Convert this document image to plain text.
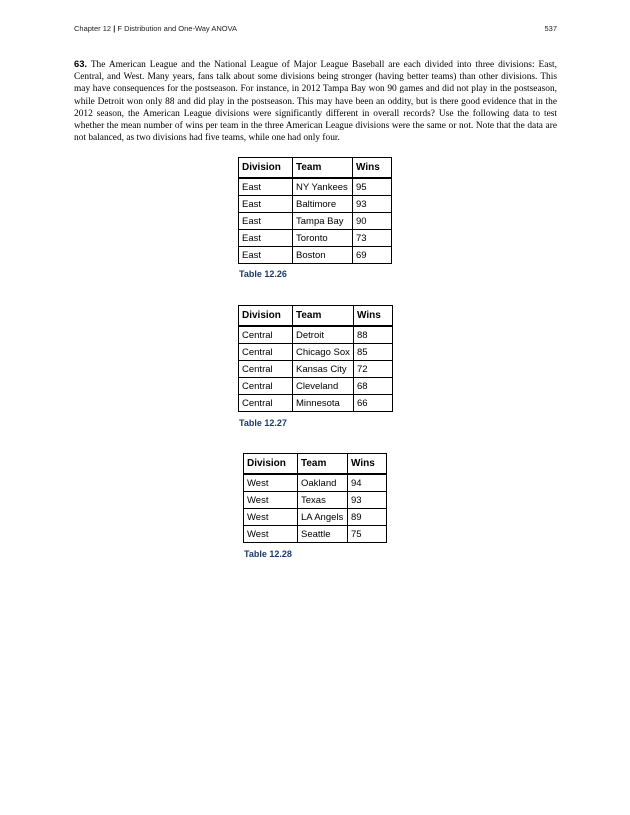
Chapter 12 | F Distribution and One-Way ANOVA	537
63. The American League and the National League of Major League Baseball are each divided into three divisions: East, Central, and West. Many years, fans talk about some divisions being stronger (having better teams) than other divisions. This may have consequences for the postseason. For instance, in 2012 Tampa Bay won 90 games and did not play in the postseason, while Detroit won only 88 and did play in the postseason. This may have been an oddity, but is there good evidence that in the 2012 season, the American League divisions were significantly different in overall records? Use the following data to test whether the mean number of wins per team in the three American League divisions were the same or not. Note that the data are not balanced, as two divisions had five teams, while one had only four.
Division	Team	Wins
East	NY Yankees	95
East	Baltimore	93
East	Tampa Bay	90
East	Toronto	73
East	Boston	69
Table 12.26
Division	Team	Wins
Central	Detroit	88
Central	Chicago Sox	85
Central	Kansas City	72
Central	Cleveland	68
Central	Minnesota	66
Table 12.27
Division	Team	Wins
West	Oakland	94
West	Texas	93
West	LA Angels	89
West	Seattle	75
Table 12.28
